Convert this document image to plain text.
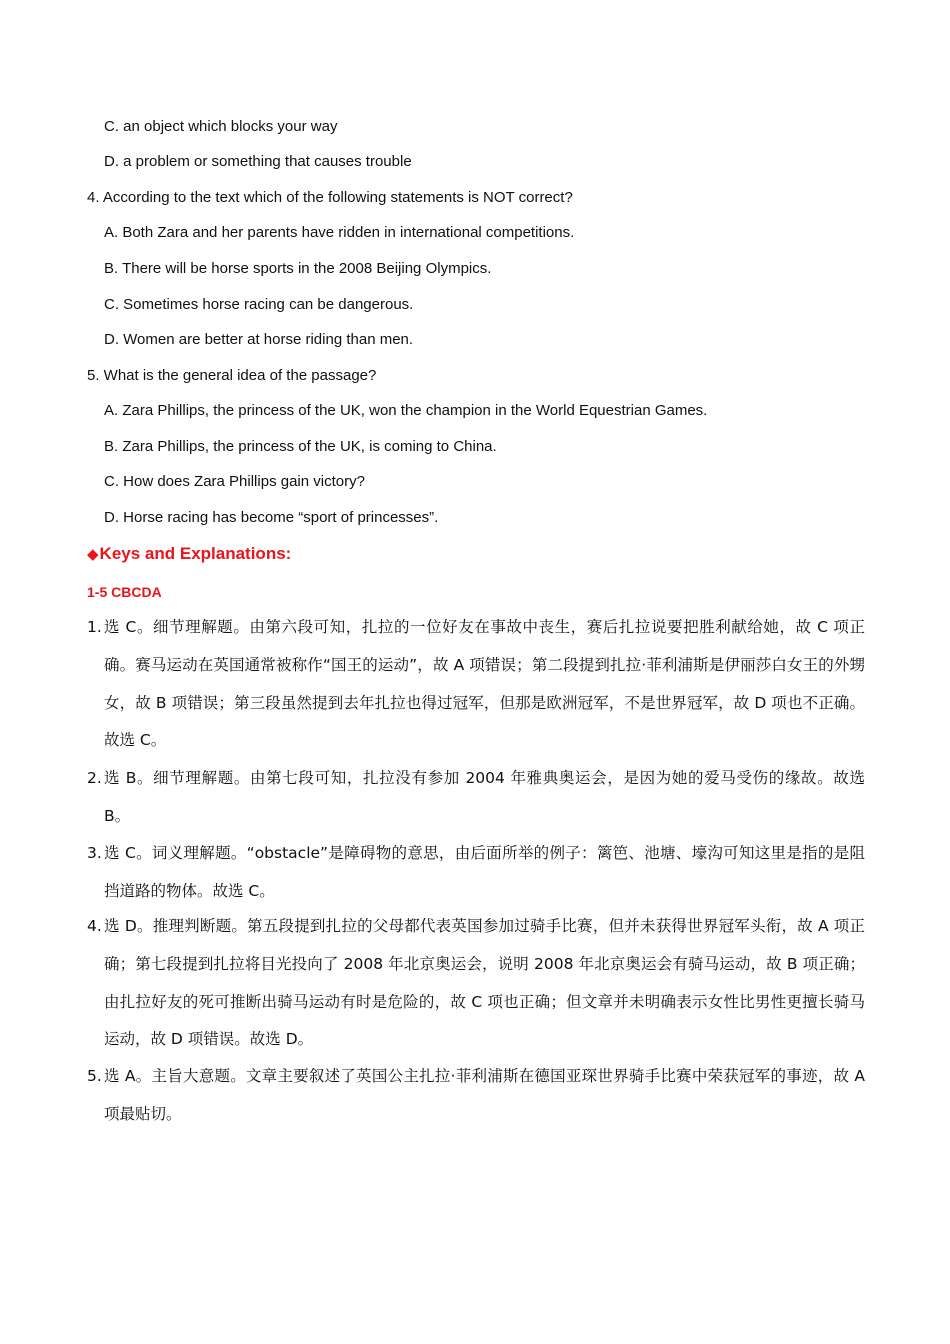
C. an object which blocks your way
D. a problem or something that causes trouble
4. According to the text which of the following statements is NOT correct?
A. Both Zara and her parents have ridden in international competitions.
B. There will be horse sports in the 2008 Beijing Olympics.
C. Sometimes horse racing can be dangerous.
D. Women are better at horse riding than men.
5. What is the general idea of the passage?
A. Zara Phillips, the princess of the UK, won the champion in the World Equestrian Games.
B. Zara Phillips, the princess of the UK, is coming to China.
C. How does Zara Phillips gain victory?
D. Horse racing has become “sport of princesses”.
◆Keys and Explanations:
1-5 CBCDA
1. 选 C。细节理解题。由第六段可知，扎拉的一位好友在事故中丧生，赛后扎拉说要把胜利献给她，故 C 项正确。赛马运动在英国通常被称作“国王的运动”，故 A 项错误；第二段提到扎拉·菲利浦斯是伊丽莎白女王的外甥女，故 B 项错误；第三段虽然提到去年扎拉也得过冠军，但那是欧洲冠军，不是世界冠军，故 D 项也不正确。故选 C。
2. 选 B。细节理解题。由第七段可知，扎拉没有参加 2004 年雅典奥运会，是因为她的爱马受伤的缘故。故选 B。
3. 选 C。词义理解题。“obstacle”是障碍物的意思，由后面所举的例子：篱笆、池塘、壕沟可知这里是指的是阻挡道路的物体。故选 C。
4. 选 D。推理判断题。第五段提到扎拉的父母都代表英国参加过骑手比赛，但并未获得世界冠军头衔，故 A 项正确；第七段提到扎拉将目光投向了 2008 年北京奥运会，说明 2008 年北京奥运会有骑马运动，故 B 项正确；由扎拉好友的死可推断出骑马运动有时是危险的，故 C 项也正确；但文章并未明确表示女性比男性更擅长骑马运动，故 D 项错误。故选 D。
5. 选 A。主旨大意题。文章主要叙述了英国公主扎拉·菲利浦斯在德国亚琛世界骑手比赛中荣获冠军的事迹，故 A 项最贴切。
